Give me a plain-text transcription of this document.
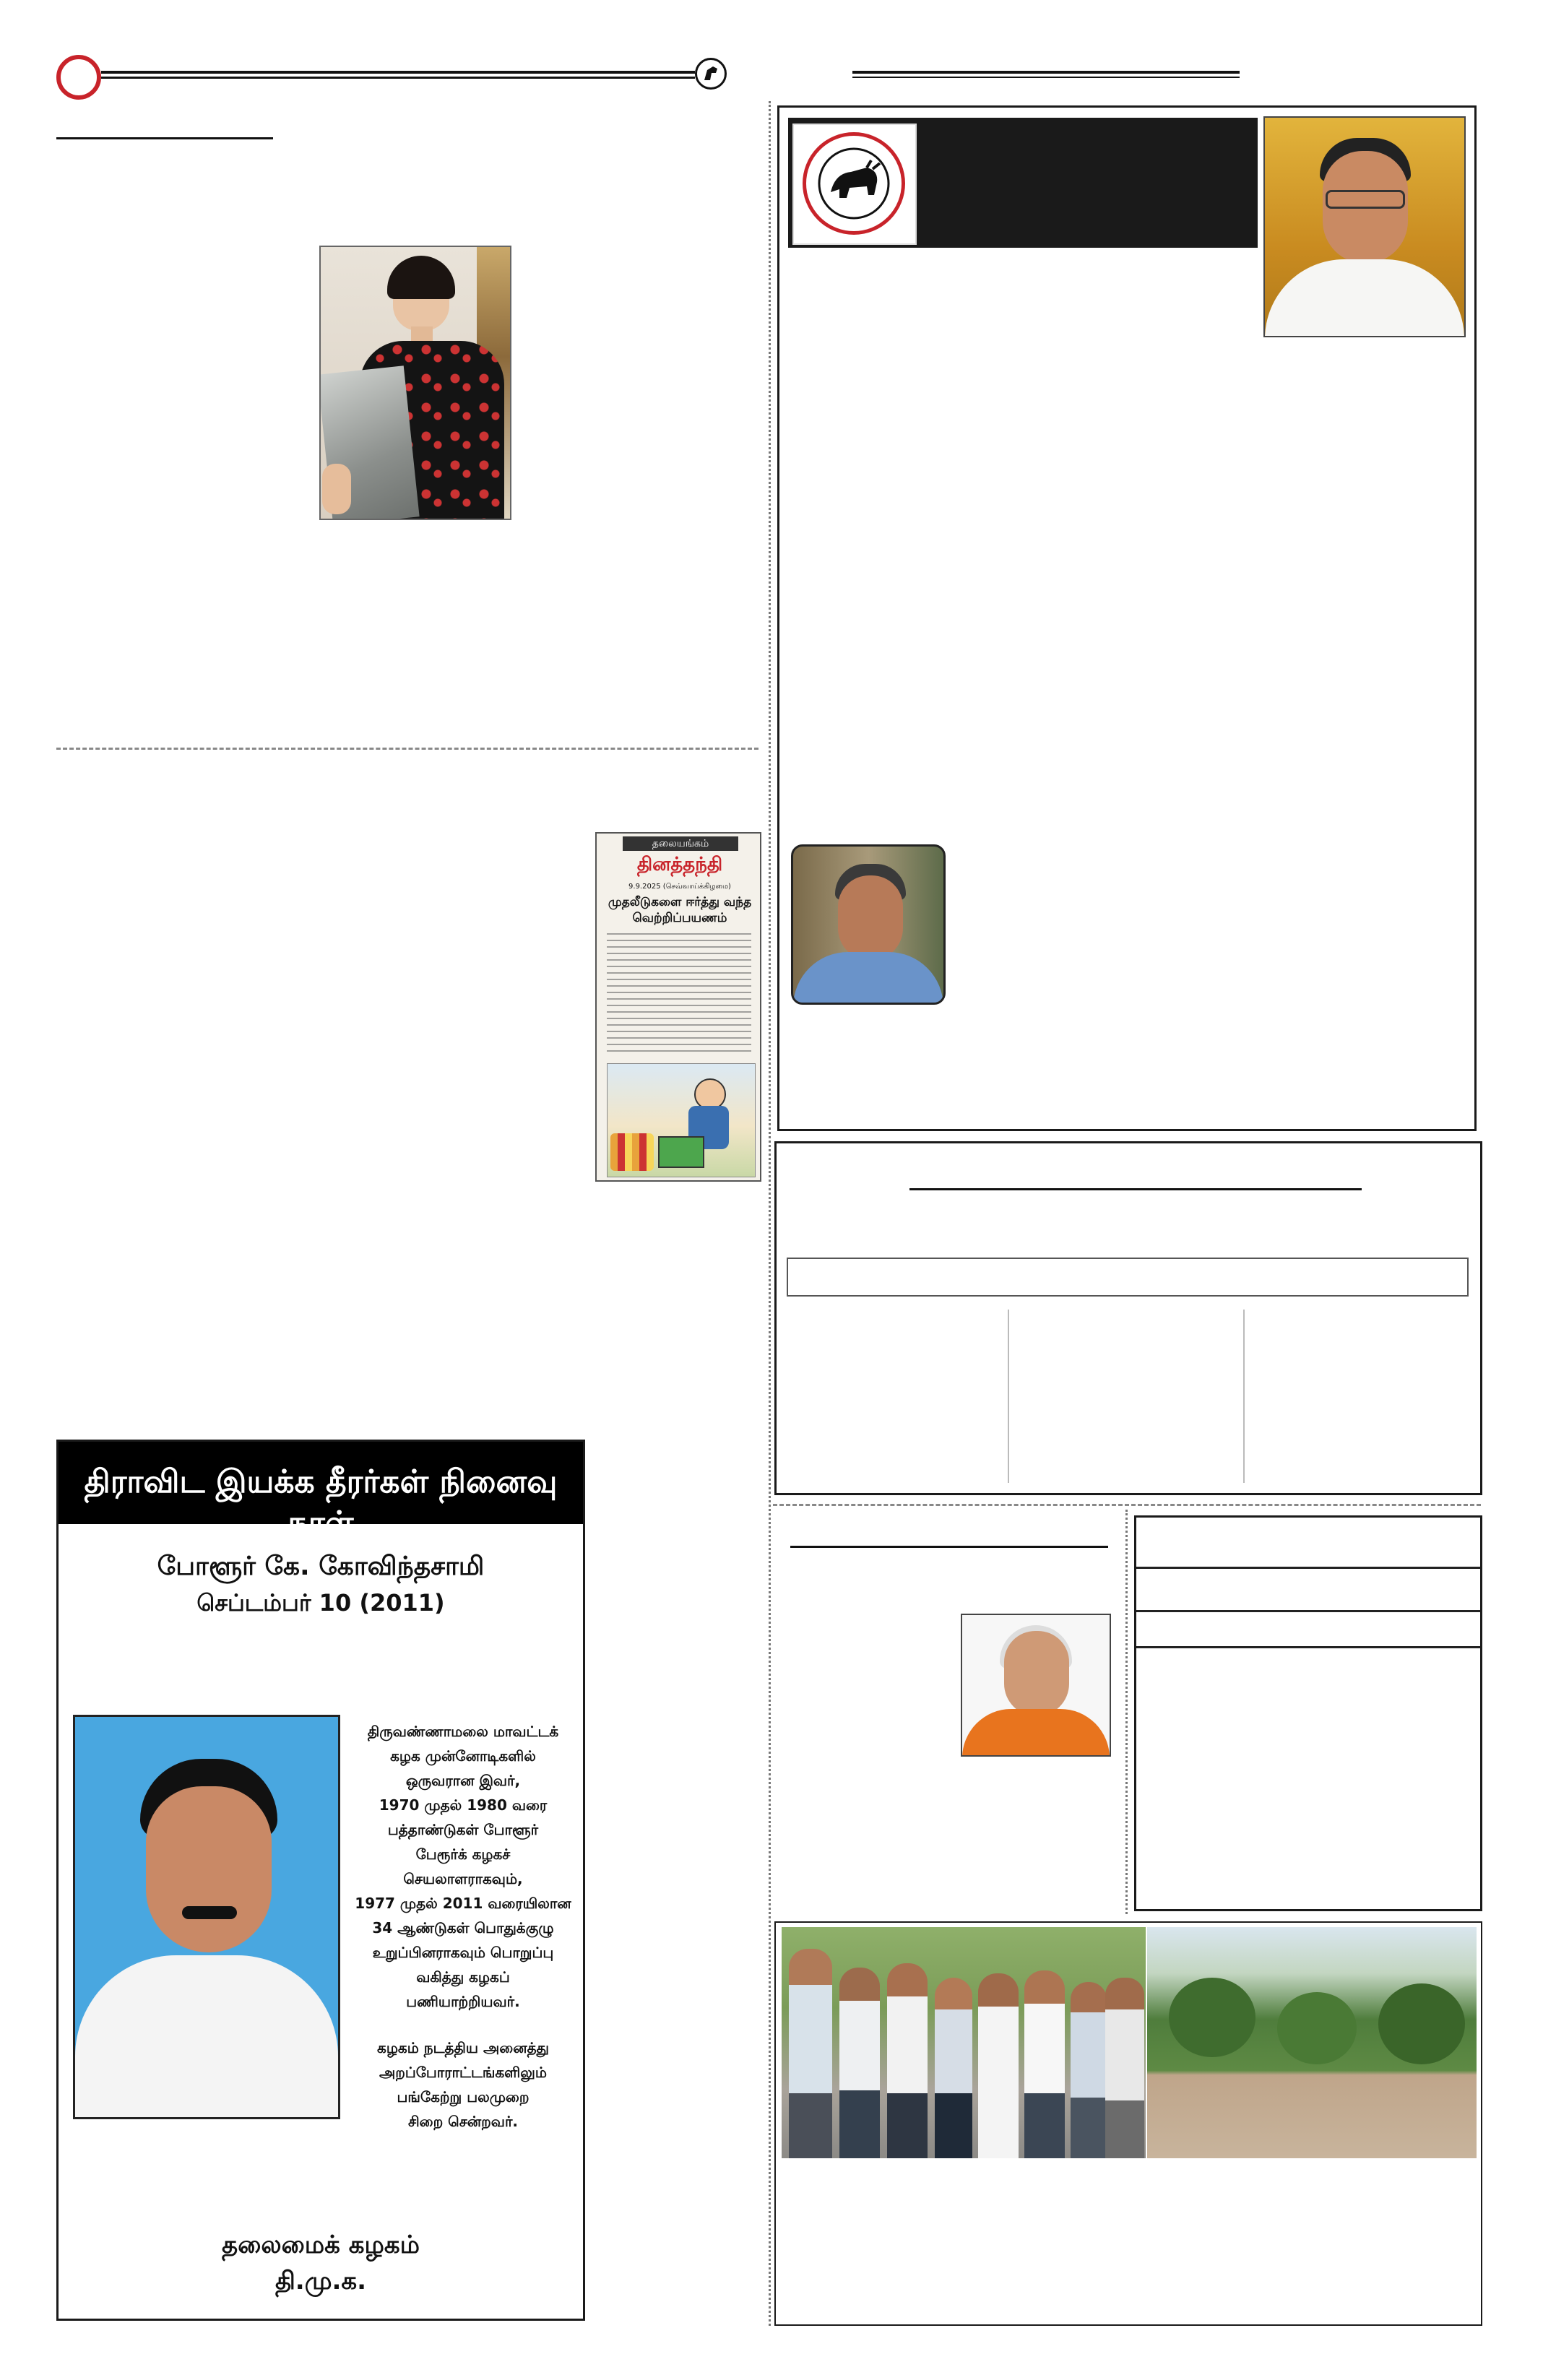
தலையங்கம்
தினத்தந்தி
9.9.2025 (செவ்வாய்க்கிழமை)
முதலீடுகளை ஈர்த்து வந்த வெற்றிப்பயணம்
திராவிட இயக்க தீரர்கள் நினைவு நாள்
போளூர் கே. கோவிந்தசாமி
செப்டம்பர் 10 (2011)
திருவண்ணாமலை மாவட்டக்
கழக முன்னோடிகளில்
ஒருவரான இவர்,
1970 முதல் 1980 வரை
பத்தாண்டுகள் போளூர்
பேரூர்க் கழகச்
செயலாளராகவும்,
1977 முதல் 2011 வரையிலான
34 ஆண்டுகள் பொதுக்குழு
உறுப்பினராகவும் பொறுப்பு
வகித்து கழகப்
பணியாற்றியவர்.
கழகம் நடத்திய அனைத்து
அறப்போராட்டங்களிலும்
பங்கேற்று பலமுறை
சிறை சென்றவர்.
தலைமைக் கழகம்
தி.மு.க.
